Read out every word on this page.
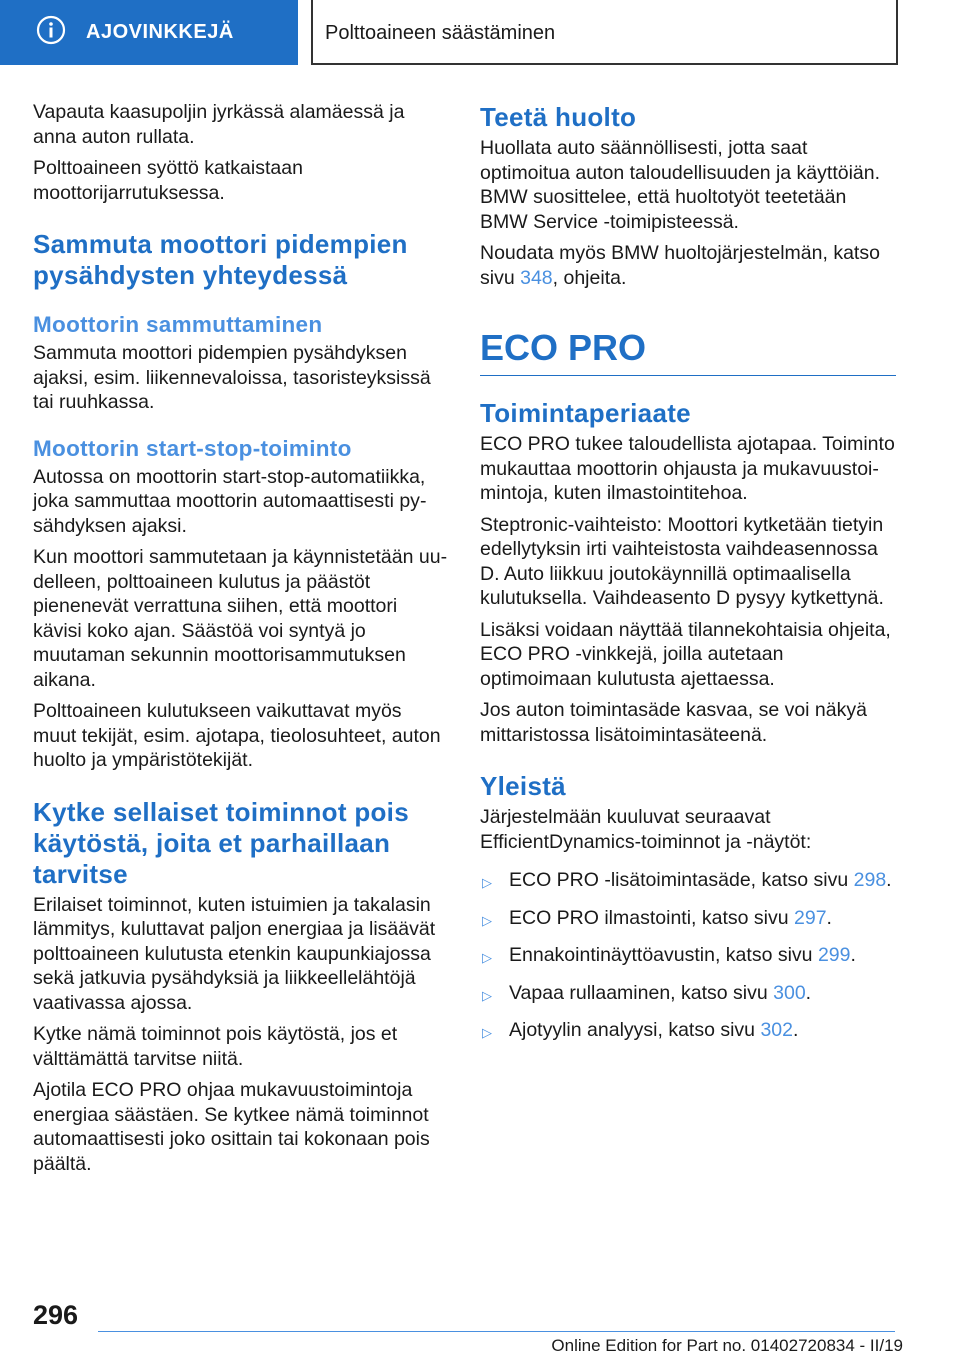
AJOVINKKEJÄ	Polttoaineen säästäminen

Vapauta kaasupoljin jyrkässä alamäessä ja anna auton rullata.

Polttoaineen syöttö katkaistaan moottorijarrutuksessa.

Sammuta moottori pidempien pysähdysten yhteydessä
Moottorin sammuttaminen

Sammuta moottori pidempien pysähdyksen ajaksi, esim. liikennevaloissa, tasoristeyksissä tai ruuhkassa.

Moottorin start-stop-toiminto

Autossa on moottorin start-stop-automatiikka, joka sammuttaa moottorin automaattisesti pysähdyksen ajaksi.

Kun moottori sammutetaan ja käynnistetään uudelleen, polttoaineen kulutus ja päästöt pienenevät verrattuna siihen, että moottori kävisi koko ajan. Säästöä voi syntyä jo muutaman sekunnin moottorisammutuksen aikana.

Polttoaineen kulutukseen vaikuttavat myös muut tekijät, esim. ajotapa, tieolosuhteet, auton huolto ja ympäristötekijät.

Kytke sellaiset toiminnot pois käytöstä, joita et parhaillaan tarvitse

Erilaiset toiminnot, kuten istuimien ja takalasin lämmitys, kuluttavat paljon energiaa ja lisäävät polttoaineen kulutusta etenkin kaupunkiajossa sekä jatkuvia pysähdyksiä ja liikkeellelähtöjä vaativassa ajossa.

Kytke nämä toiminnot pois käytöstä, jos et välttämättä tarvitse niitä.

Ajotila ECO PRO ohjaa mukavuustoimintoja energiaa säästäen. Se kytkee nämä toiminnot automaattisesti joko osittain tai kokonaan pois päältä.

Teetä huolto

Huollata auto säännöllisesti, jotta saat optimoitua auton taloudellisuuden ja käyttöiän. BMW suosittelee, että huoltotyöt teetetään BMW Service -toimipisteessä.

Noudata myös BMW huoltojärjestelmän, katso sivu 348, ohjeita.

ECO PRO
Toimintaperiaate

ECO PRO tukee taloudellista ajotapaa. Toiminto mukauttaa moottorin ohjausta ja mukavuustoimintoja, kuten ilmastointitehoa.

Steptronic-vaihteisto: Moottori kytketään tietyin edellytyksin irti vaihteistosta vaihdeasennossa D. Auto liikkuu joutokäynnillä optimaalisella kulutuksella. Vaihdeasento D pysyy kytkettynä.

Lisäksi voidaan näyttää tilannekohtaisia ohjeita, ECO PRO -vinkkejä, joilla autetaan optimoimaan kulutusta ajettaessa.

Jos auton toimintasäde kasvaa, se voi näkyä mittaristossa lisätoimintasäteenä.

Yleistä

Järjestelmään kuuluvat seuraavat EfficientDynamics-toiminnot ja -näytöt:

▷ ECO PRO -lisätoimintasäde, katso sivu 298.
▷ ECO PRO ilmastointi, katso sivu 297.
▷ Ennakointinäyttöavustin, katso sivu 299.
▷ Vapaa rullaaminen, katso sivu 300.
▷ Ajotyylin analyysi, katso sivu 302.
296
Online Edition for Part no. 01402720834 - II/19
